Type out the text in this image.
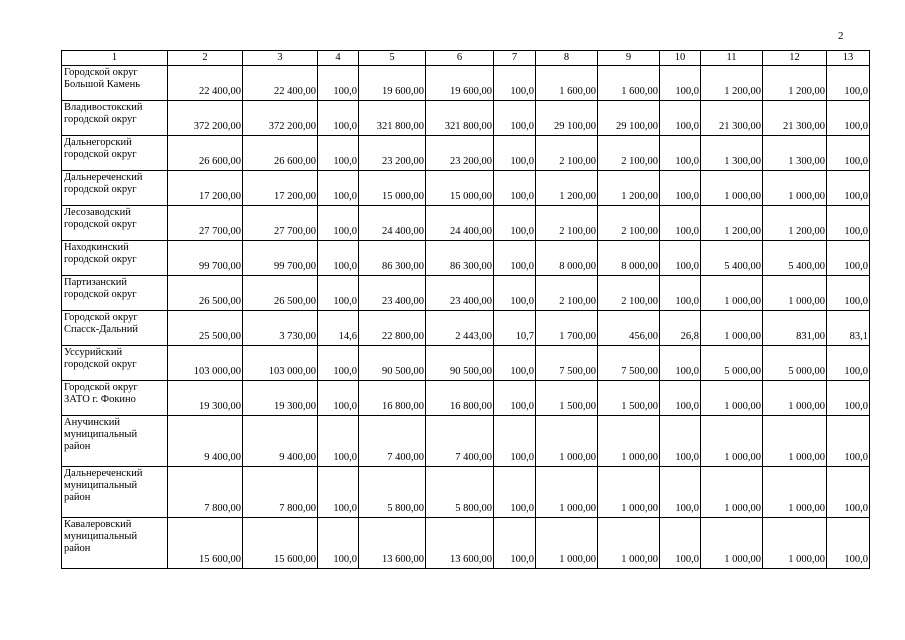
2
1	2	3	4	5	6	7	8	9	10	11	12	13
Городской округ Большой Камень	22 400,00	22 400,00	100,0	19 600,00	19 600,00	100,0	1 600,00	1 600,00	100,0	1 200,00	1 200,00	100,0
Владивостокский городской округ	372 200,00	372 200,00	100,0	321 800,00	321 800,00	100,0	29 100,00	29 100,00	100,0	21 300,00	21 300,00	100,0
Дальнегорский городской округ	26 600,00	26 600,00	100,0	23 200,00	23 200,00	100,0	2 100,00	2 100,00	100,0	1 300,00	1 300,00	100,0
Дальнереченский городской округ	17 200,00	17 200,00	100,0	15 000,00	15 000,00	100,0	1 200,00	1 200,00	100,0	1 000,00	1 000,00	100,0
Лесозаводский городской округ	27 700,00	27 700,00	100,0	24 400,00	24 400,00	100,0	2 100,00	2 100,00	100,0	1 200,00	1 200,00	100,0
Находкинский городской округ	99 700,00	99 700,00	100,0	86 300,00	86 300,00	100,0	8 000,00	8 000,00	100,0	5 400,00	5 400,00	100,0
Партизанский городской округ	26 500,00	26 500,00	100,0	23 400,00	23 400,00	100,0	2 100,00	2 100,00	100,0	1 000,00	1 000,00	100,0
Городской округ Спасск-Дальний	25 500,00	3 730,00	14,6	22 800,00	2 443,00	10,7	1 700,00	456,00	26,8	1 000,00	831,00	83,1
Уссурийский городской округ	103 000,00	103 000,00	100,0	90 500,00	90 500,00	100,0	7 500,00	7 500,00	100,0	5 000,00	5 000,00	100,0
Городской округ ЗАТО г. Фокино	19 300,00	19 300,00	100,0	16 800,00	16 800,00	100,0	1 500,00	1 500,00	100,0	1 000,00	1 000,00	100,0
Анучинский муниципальный район	9 400,00	9 400,00	100,0	7 400,00	7 400,00	100,0	1 000,00	1 000,00	100,0	1 000,00	1 000,00	100,0
Дальнереченский муниципальный район	7 800,00	7 800,00	100,0	5 800,00	5 800,00	100,0	1 000,00	1 000,00	100,0	1 000,00	1 000,00	100,0
Кавалеровский муниципальный район	15 600,00	15 600,00	100,0	13 600,00	13 600,00	100,0	1 000,00	1 000,00	100,0	1 000,00	1 000,00	100,0
